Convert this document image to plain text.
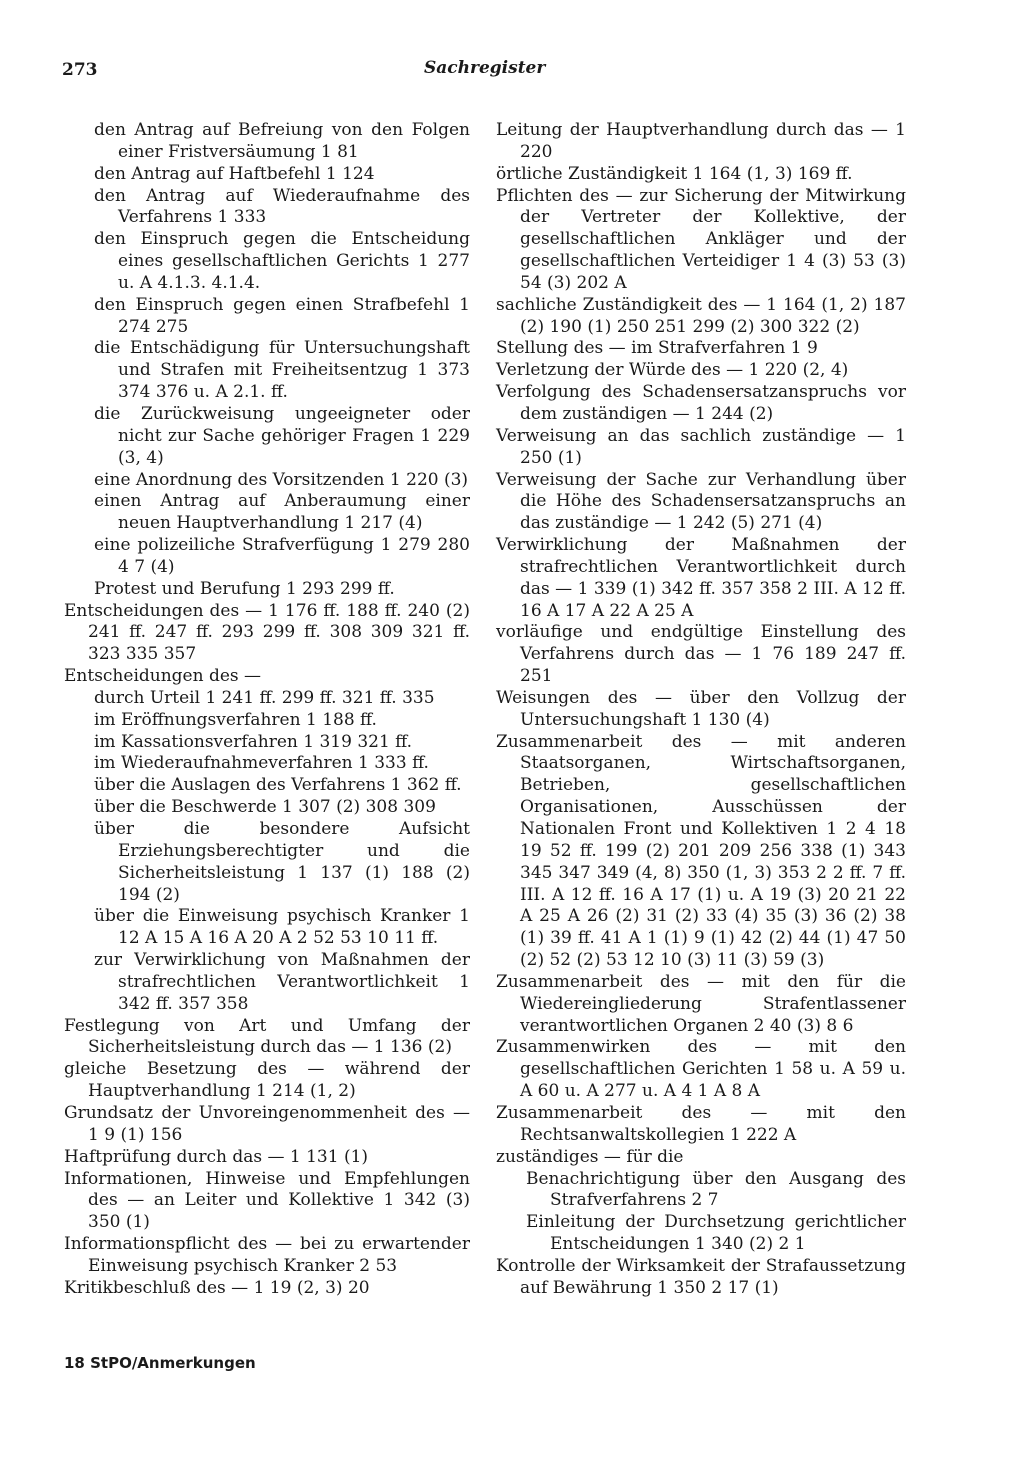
273	Sachregister
den Antrag auf Befreiung von den Folgen einer Fristversäumung 1 81
den Antrag auf Haftbefehl 1 124
den Antrag auf Wiederaufnahme des Verfahrens 1 333
den Einspruch gegen die Entscheidung eines gesellschaftlichen Gerichts 1 277 u. A 4.1.3. 4.1.4.
den Einspruch gegen einen Strafbefehl 1 274 275
die Entschädigung für Untersuchungshaft und Strafen mit Freiheitsentzug 1 373 374 376 u. A 2.1. ff.
die Zurückweisung ungeeigneter oder nicht zur Sache gehöriger Fragen 1 229 (3, 4)
eine Anordnung des Vorsitzenden 1 220 (3)
einen Antrag auf Anberaumung einer neuen Hauptverhandlung 1 217 (4)
eine polizeiliche Strafverfügung 1 279 280 4 7 (4)
Protest und Berufung 1 293 299 ff.
Entscheidungen des — 1 176 ff. 188 ff. 240 (2) 241 ff. 247 ff. 293 299 ff. 308 309 321 ff. 323 335 357
Entscheidungen des —
durch Urteil 1 241 ff. 299 ff. 321 ff. 335
im Eröffnungsverfahren 1 188 ff.
im Kassationsverfahren 1 319 321 ff.
im Wiederaufnahmeverfahren 1 333 ff.
über die Auslagen des Verfahrens 1 362 ff.
über die Beschwerde 1 307 (2) 308 309
über die besondere Aufsicht Erziehungsberechtigter und die Sicherheitsleistung 1 137 (1) 188 (2) 194 (2)
über die Einweisung psychisch Kranker 1 12 A 15 A 16 A 20 A 2 52 53 10 11 ff.
zur Verwirklichung von Maßnahmen der strafrechtlichen Verantwortlichkeit 1 342 ff. 357 358
Festlegung von Art und Umfang der Sicherheitsleistung durch das — 1 136 (2)
gleiche Besetzung des — während der Hauptverhandlung 1 214 (1, 2)
Grundsatz der Unvoreingenommenheit des — 1 9 (1) 156
Haftprüfung durch das — 1 131 (1)
Informationen, Hinweise und Empfehlungen des — an Leiter und Kollektive 1 342 (3) 350 (1)
Informationspflicht des — bei zu erwartender Einweisung psychisch Kranker 2 53
Kritikbeschluß des — 1 19 (2, 3) 20
Leitung der Hauptverhandlung durch das — 1 220
örtliche Zuständigkeit 1 164 (1, 3) 169 ff.
Pflichten des — zur Sicherung der Mitwirkung der Vertreter der Kollektive, der gesellschaftlichen Ankläger und der gesellschaftlichen Verteidiger 1 4 (3) 53 (3) 54 (3) 202 A
sachliche Zuständigkeit des — 1 164 (1, 2) 187 (2) 190 (1) 250 251 299 (2) 300 322 (2)
Stellung des — im Strafverfahren 1 9
Verletzung der Würde des — 1 220 (2, 4)
Verfolgung des Schadensersatzanspruchs vor dem zuständigen — 1 244 (2)
Verweisung an das sachlich zuständige — 1 250 (1)
Verweisung der Sache zur Verhandlung über die Höhe des Schadensersatzanspruchs an das zuständige — 1 242 (5) 271 (4)
Verwirklichung der Maßnahmen der strafrechtlichen Verantwortlichkeit durch das — 1 339 (1) 342 ff. 357 358 2 III. A 12 ff. 16 A 17 A 22 A 25 A
vorläufige und endgültige Einstellung des Verfahrens durch das — 1 76 189 247 ff. 251
Weisungen des — über den Vollzug der Untersuchungshaft 1 130 (4)
Zusammenarbeit des — mit anderen Staatsorganen, Wirtschaftsorganen, Betrieben, gesellschaftlichen Organisationen, Ausschüssen der Nationalen Front und Kollektiven 1 2 4 18 19 52 ff. 199 (2) 201 209 256 338 (1) 343 345 347 349 (4, 8) 350 (1, 3) 353 2 2 ff. 7 ff. III. A 12 ff. 16 A 17 (1) u. A 19 (3) 20 21 22 A 25 A 26 (2) 31 (2) 33 (4) 35 (3) 36 (2) 38 (1) 39 ff. 41 A 1 (1) 9 (1) 42 (2) 44 (1) 47 50 (2) 52 (2) 53 12 10 (3) 11 (3) 59 (3)
Zusammenarbeit des — mit den für die Wiedereingliederung Strafentlassener verantwortlichen Organen 2 40 (3) 8 6
Zusammenwirken des — mit den gesellschaftlichen Gerichten 1 58 u. A 59 u. A 60 u. A 277 u. A 4 1 A 8 A
Zusammenarbeit des — mit den Rechtsanwaltskollegien 1 222 A
zuständiges — für die
Benachrichtigung über den Ausgang des Strafverfahrens 2 7
Einleitung der Durchsetzung gerichtlicher Entscheidungen 1 340 (2) 2 1
Kontrolle der Wirksamkeit der Strafaussetzung auf Bewährung 1 350 2 17 (1)
18 StPO/Anmerkungen
